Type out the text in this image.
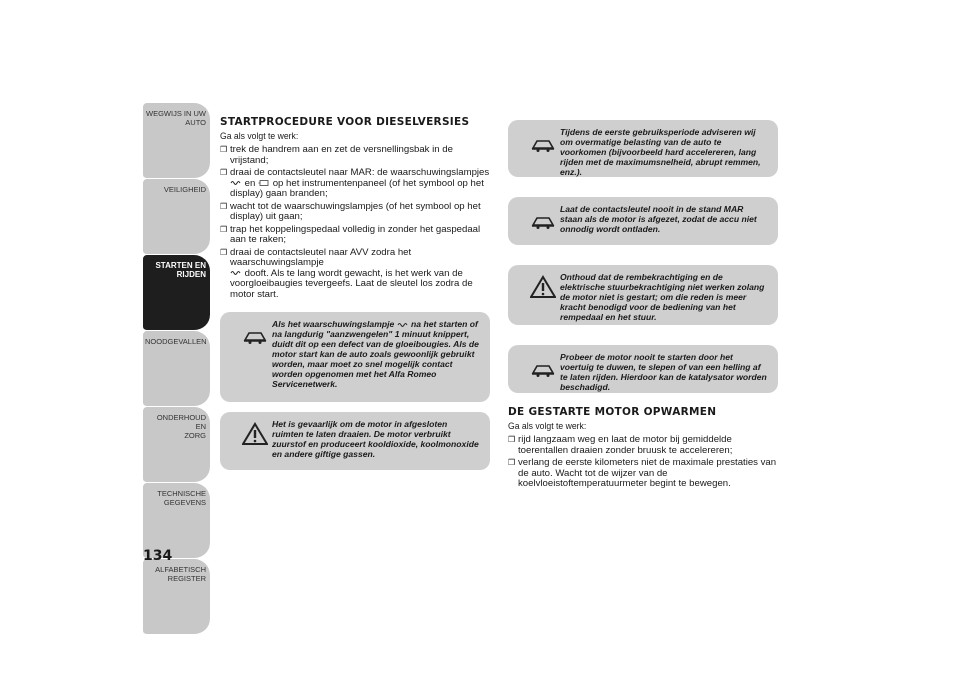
WEGWIJS IN UW
AUTO
VEILIGHEID
STARTEN EN
RIJDEN
NOODGEVALLEN
ONDERHOUD EN
ZORG
TECHNISCHE
GEGEVENS
ALFABETISCH
REGISTER
134
STARTPROCEDURE VOOR DIESELVERSIES
Ga als volgt te werk:
❒ trek de handrem aan en zet de versnellingsbak in de vrijstand;
❒ draai de contactsleutel naar MAR: de waarschuwingslampjes
en op het instrumentenpaneel (of het symbool op het display) gaan branden;
❒ wacht tot de waarschuwingslampjes (of het symbool op het display) uit gaan;
❒ trap het koppelingspedaal volledig in zonder het gaspedaal aan te raken;
❒ draai de contactsleutel naar AVV zodra het waarschuwingslampje
dooft. Als te lang wordt gewacht, is het werk van de voorgloeibaugies tevergeefs. Laat de sleutel los zodra de motor start.
Als het waarschuwingslampje na het starten of na langdurig "aanzwengelen" 1 minuut knippert, duidt dit op een defect van de gloeibougies. Als de motor start kan de auto zoals gewoonlijk gebruikt worden, maar moet zo snel mogelijk contact worden opgenomen met het Alfa Romeo Servicenetwerk.
Het is gevaarlijk om de motor in afgesloten ruimten te laten draaien. De motor verbruikt zuurstof en produceert kooldioxide, koolmonoxide en andere giftige gassen.
Tijdens de eerste gebruiksperiode adviseren wij om overmatige belasting van de auto te voorkomen (bijvoorbeeld hard accelereren, lang rijden met de maximumsnelheid, abrupt remmen, enz.).
Laat de contactsleutel nooit in de stand MAR staan als de motor is afgezet, zodat de accu niet onnodig wordt ontladen.
Onthoud dat de rembekrachtiging en de elektrische stuurbekrachtiging niet werken zolang de motor niet is gestart; om die reden is meer kracht benodigd voor de bediening van het rempedaal en het stuur.
Probeer de motor nooit te starten door het voertuig te duwen, te slepen of van een helling af te laten rijden. Hierdoor kan de katalysator worden beschadigd.
DE GESTARTE MOTOR OPWARMEN
Ga als volgt te werk:
❒ rijd langzaam weg en laat de motor bij gemiddelde toerentallen draaien zonder bruusk te accelereren;
❒ verlang de eerste kilometers niet de maximale prestaties van de auto. Wacht tot de wijzer van de koelvloeistoftemperatuurmeter begint te bewegen.
